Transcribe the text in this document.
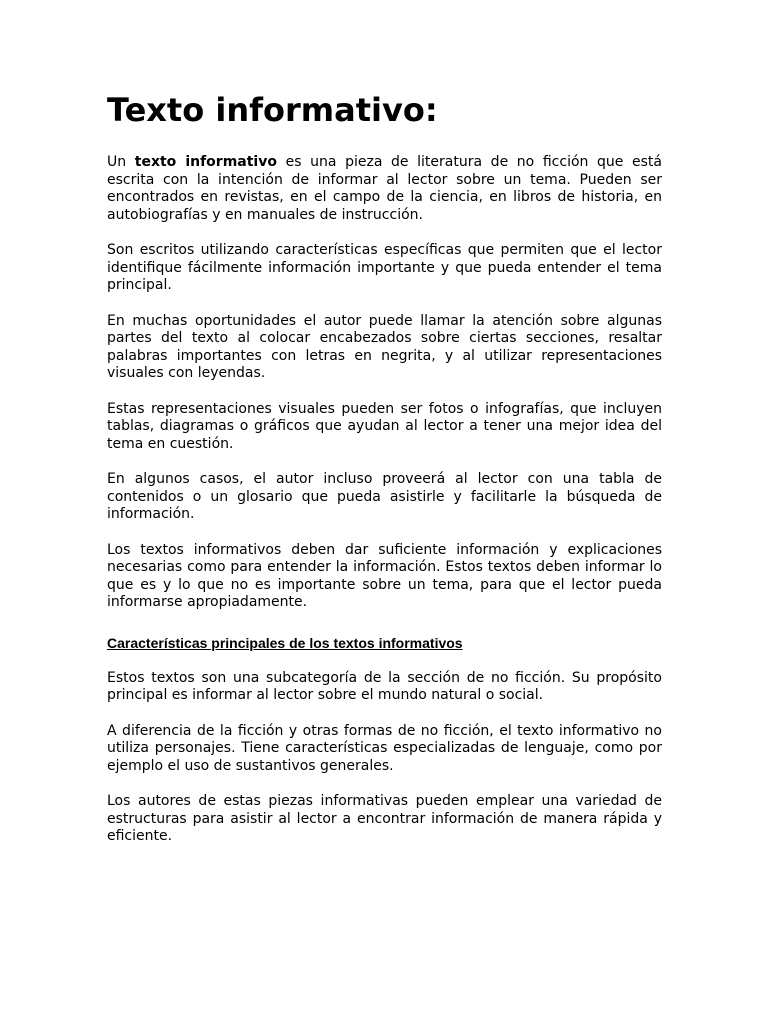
Texto informativo:

Un texto informativo es una pieza de literatura de no ficción que está escrita con la intención de informar al lector sobre un tema. Pueden ser encontrados en revistas, en el campo de la ciencia, en libros de historia, en autobiografías y en manuales de instrucción.

Son escritos utilizando características específicas que permiten que el lector identifique fácilmente información importante y que pueda entender el tema principal.

En muchas oportunidades el autor puede llamar la atención sobre algunas partes del texto al colocar encabezados sobre ciertas secciones, resaltar palabras importantes con letras en negrita, y al utilizar representaciones visuales con leyendas.

Estas representaciones visuales pueden ser fotos o infografías, que incluyen tablas, diagramas o gráficos que ayudan al lector a tener una mejor idea del tema en cuestión.

En algunos casos, el autor incluso proveerá al lector con una tabla de contenidos o un glosario que pueda asistirle y facilitarle la búsqueda de información.

Los textos informativos deben dar suficiente información y explicaciones necesarias como para entender la información. Estos textos deben informar lo que es y lo que no es importante sobre un tema, para que el lector pueda informarse apropiadamente.

Características principales de los textos informativos

Estos textos son una subcategoría de la sección de no ficción. Su propósito principal es informar al lector sobre el mundo natural o social.

A diferencia de la ficción y otras formas de no ficción, el texto informativo no utiliza personajes. Tiene características especializadas de lenguaje, como por ejemplo el uso de sustantivos generales.

Los autores de estas piezas informativas pueden emplear una variedad de estructuras para asistir al lector a encontrar información de manera rápida y eficiente.
